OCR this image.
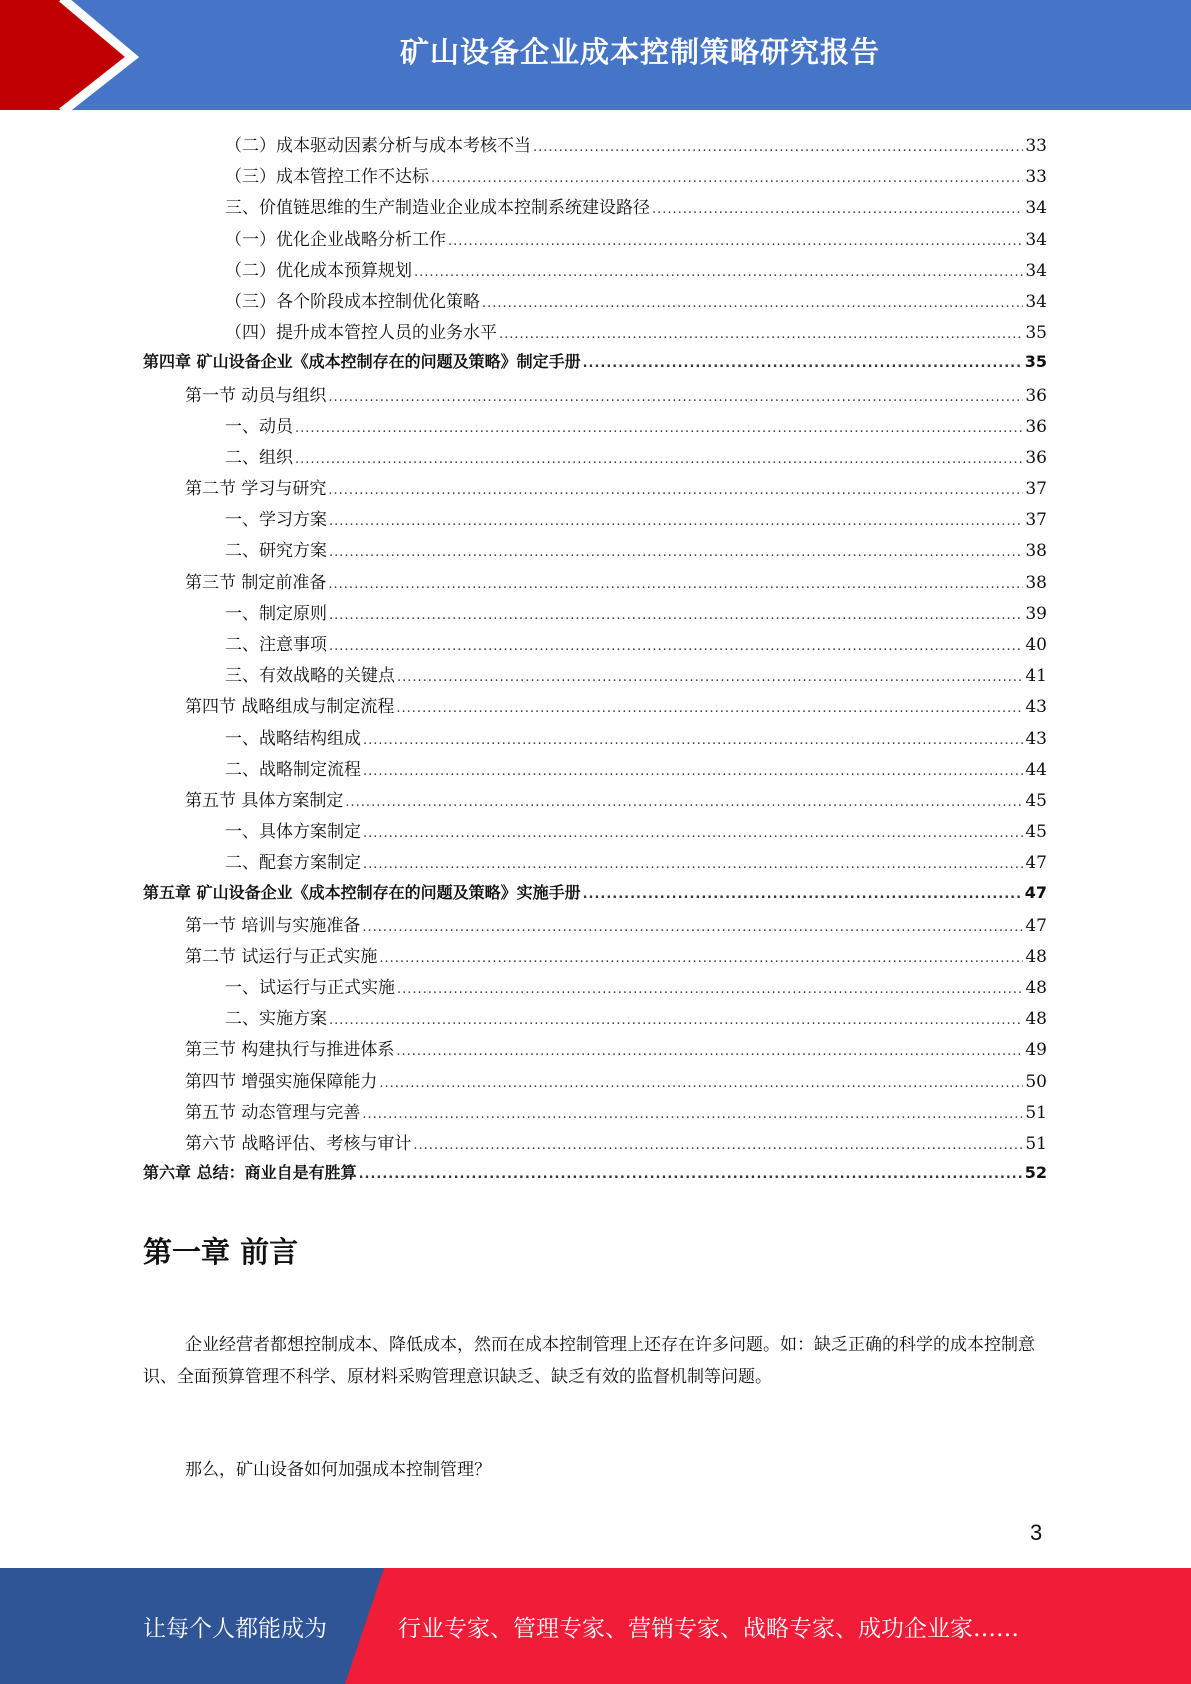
矿山设备企业成本控制策略研究报告
（二）成本驱动因素分析与成本考核不当 .....	33
（三）成本管控工作不达标 .....	33
三、价值链思维的生产制造业企业成本控制系统建设路径 .....	34
（一）优化企业战略分析工作 .....	34
（二）优化成本预算规划 .....	34
（三）各个阶段成本控制优化策略 .....	34
（四）提升成本管控人员的业务水平 .....	35
第四章 矿山设备企业《成本控制存在的问题及策略》制定手册 .....	35
第一节 动员与组织 .....	36
一、动员 .....	36
二、组织 .....	36
第二节 学习与研究 .....	37
一、学习方案 .....	37
二、研究方案 .....	38
第三节 制定前准备 .....	38
一、制定原则 .....	39
二、注意事项 .....	40
三、有效战略的关键点 .....	41
第四节 战略组成与制定流程 .....	43
一、战略结构组成 .....	43
二、战略制定流程 .....	44
第五节 具体方案制定 .....	45
一、具体方案制定 .....	45
二、配套方案制定 .....	47
第五章 矿山设备企业《成本控制存在的问题及策略》实施手册 .....	47
第一节 培训与实施准备 .....	47
第二节 试运行与正式实施 .....	48
一、试运行与正式实施 .....	48
二、实施方案 .....	48
第三节 构建执行与推进体系 .....	49
第四节 增强实施保障能力 .....	50
第五节 动态管理与完善 .....	51
第六节 战略评估、考核与审计 .....	51
第六章 总结：商业自是有胜算 .....	52
第一章 前言
企业经营者都想控制成本、降低成本，然而在成本控制管理上还存在许多问题。如：缺乏正确的科学的成本控制意识、全面预算管理不科学、原材料采购管理意识缺乏、缺乏有效的监督机制等问题。
那么，矿山设备如何加强成本控制管理？
3
让每个人都能成为	行业专家、管理专家、营销专家、战略专家、成功企业家……
